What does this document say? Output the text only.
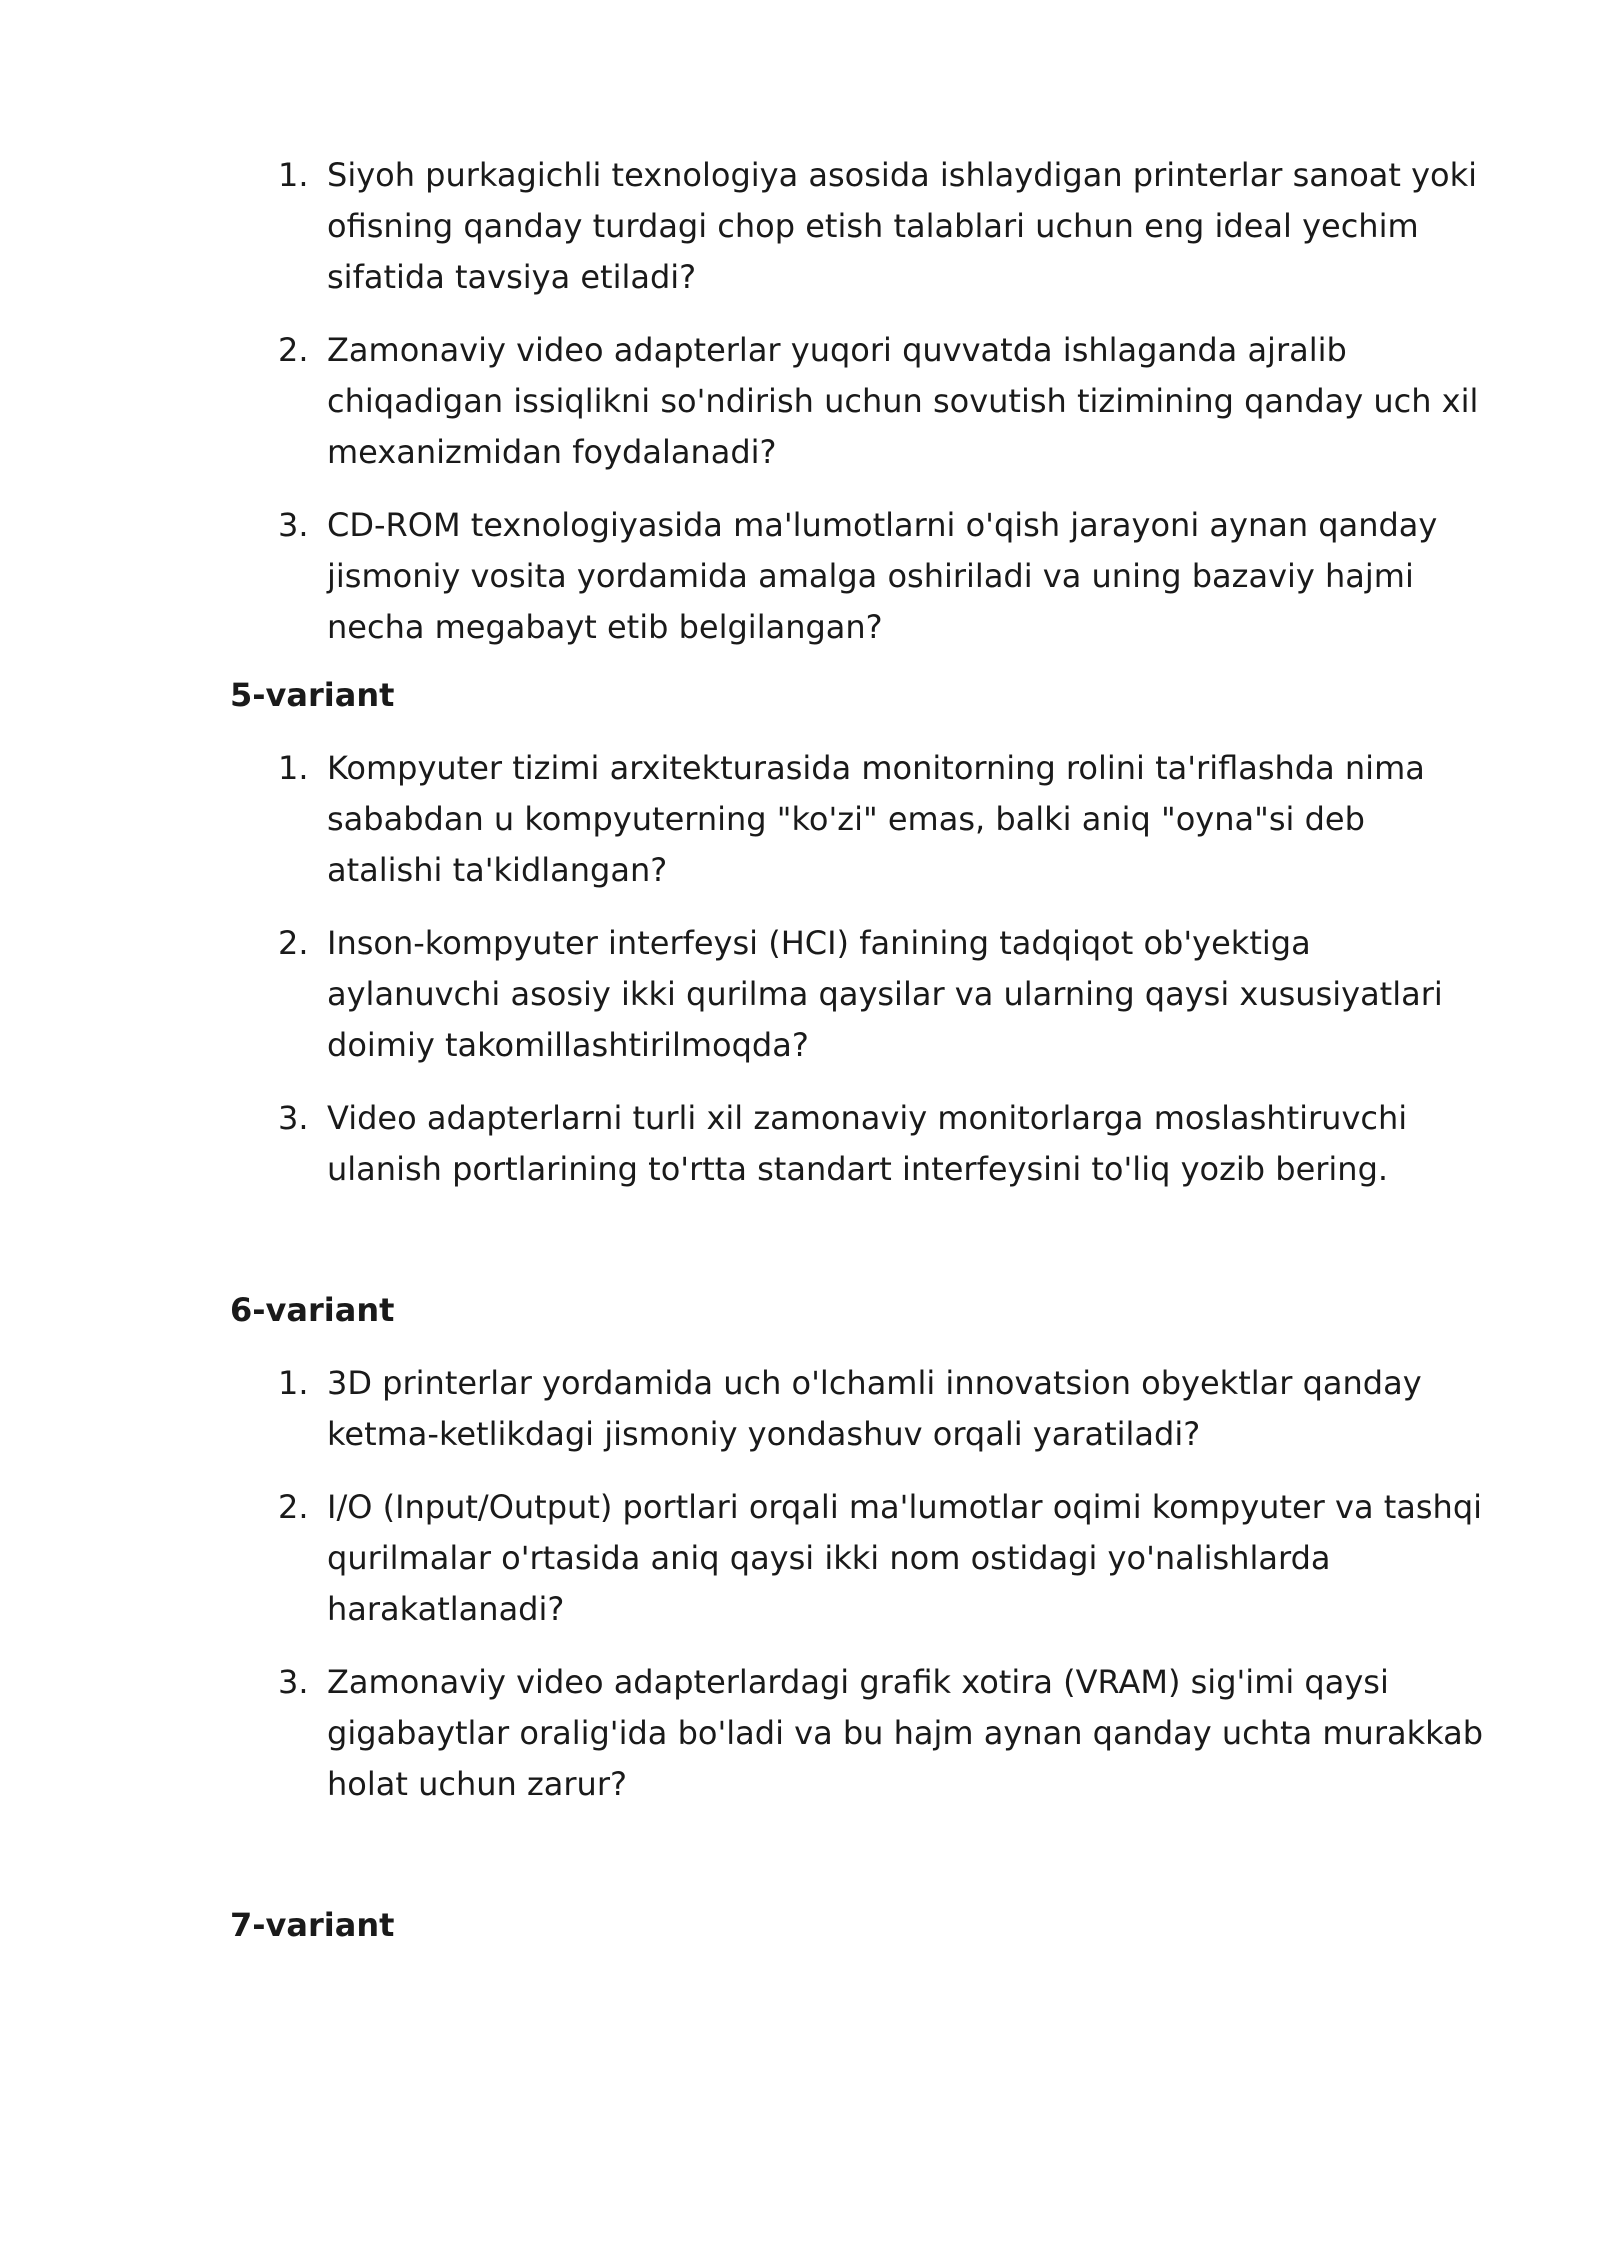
1. Siyoh purkagichli texnologiya asosida ishlaydigan printerlar sanoat yoki ofisning qanday turdagi chop etish talablari uchun eng ideal yechim sifatida tavsiya etiladi?
2. Zamonaviy video adapterlar yuqori quvvatda ishlaganda ajralib chiqadigan issiqlikni so'ndirish uchun sovutish tizimining qanday uch xil mexanizmidan foydalanadi?
3. CD-ROM texnologiyasida ma'lumotlarni o'qish jarayoni aynan qanday jismoniy vosita yordamida amalga oshiriladi va uning bazaviy hajmi necha megabayt etib belgilangan?
5-variant
1. Kompyuter tizimi arxitekturasida monitorning rolini ta'riflashda nima sababdan u kompyuterning "ko'zi" emas, balki aniq "oyna"si deb atalishi ta'kidlangan?
2. Inson-kompyuter interfeysi (HCI) fanining tadqiqot ob'yektiga aylanuvchi asosiy ikki qurilma qaysilar va ularning qaysi xususiyatlari doimiy takomillashtirilmoqda?
3. Video adapterlarni turli xil zamonaviy monitorlarga moslashtiruvchi ulanish portlarining to'rtta standart interfeysini to'liq yozib bering.
6-variant
1. 3D printerlar yordamida uch o'lchamli innovatsion obyektlar qanday ketma-ketlikdagi jismoniy yondashuv orqali yaratiladi?
2. I/O (Input/Output) portlari orqali ma'lumotlar oqimi kompyuter va tashqi qurilmalar o'rtasida aniq qaysi ikki nom ostidagi yo'nalishlarda harakatlanadi?
3. Zamonaviy video adapterlardagi grafik xotira (VRAM) sig'imi qaysi gigabaytlar oralig'ida bo'ladi va bu hajm aynan qanday uchta murakkab holat uchun zarur?
7-variant
